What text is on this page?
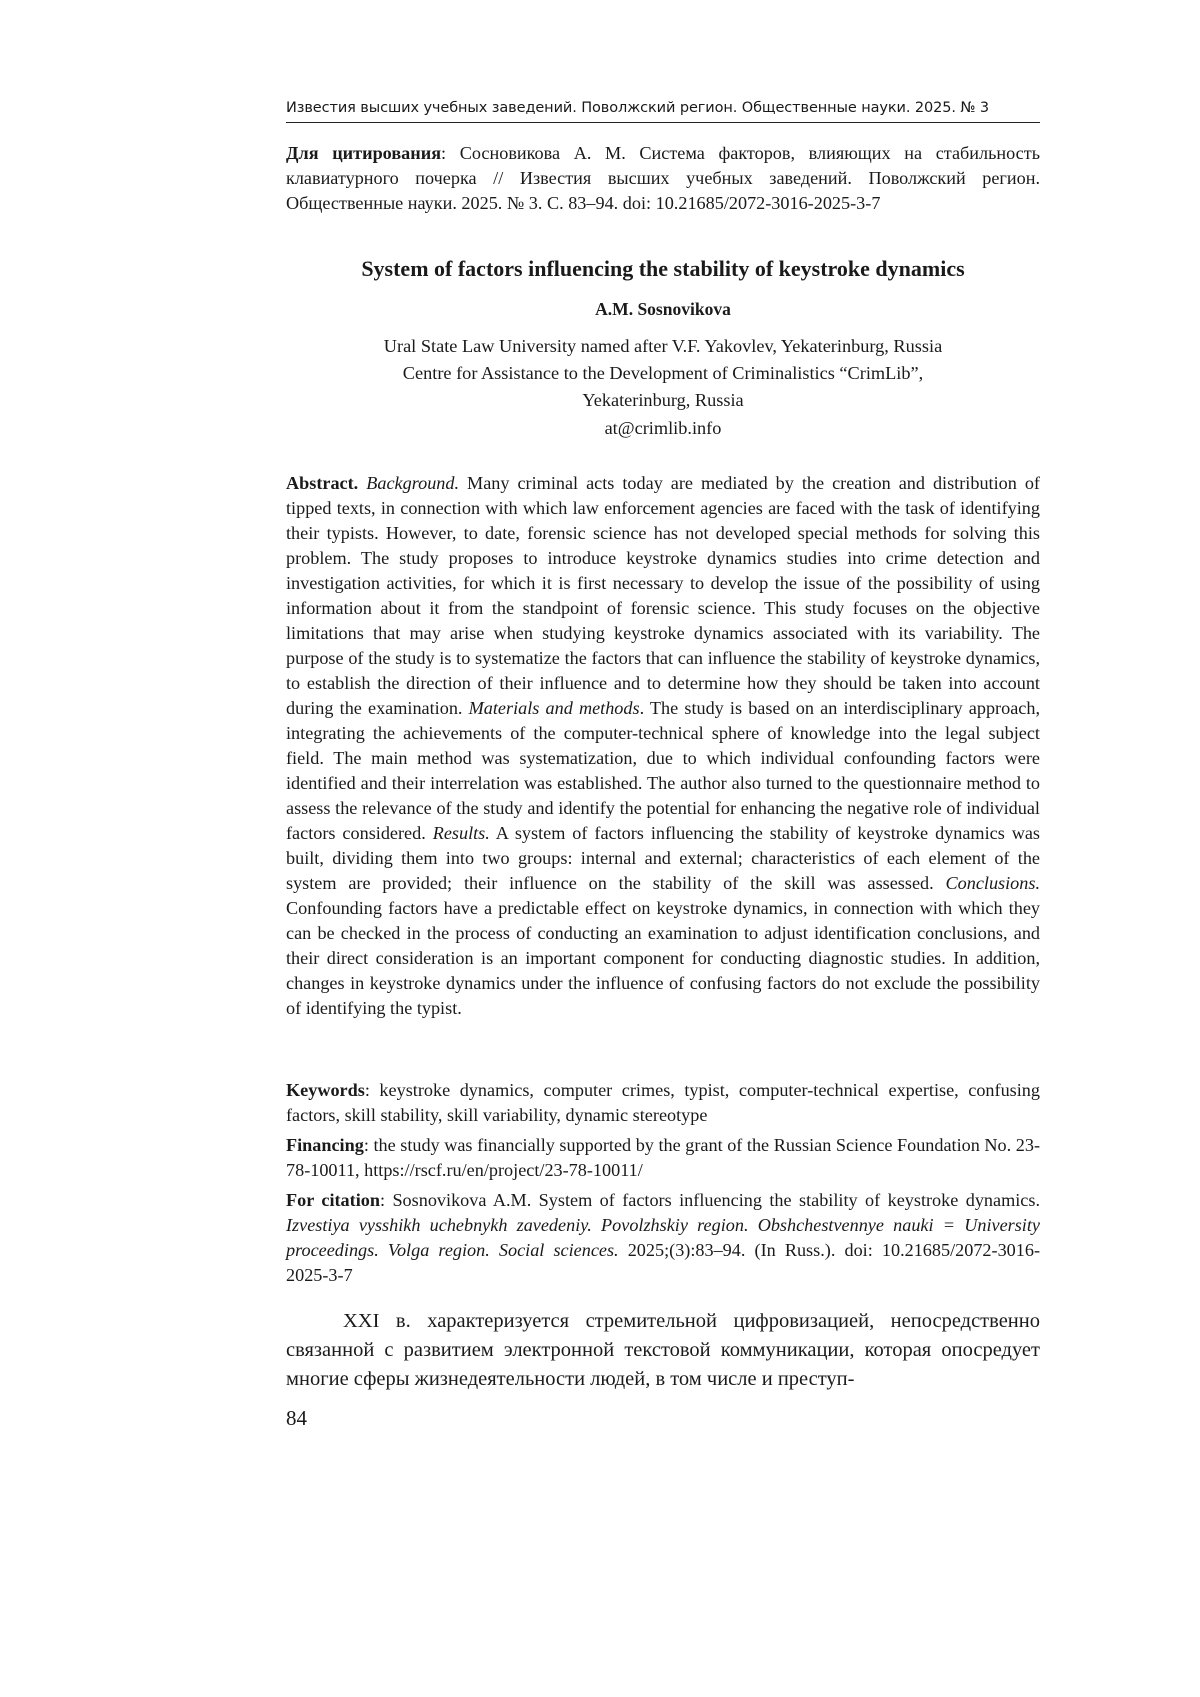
Известия высших учебных заведений. Поволжский регион. Общественные науки. 2025. № 3
Для цитирования: Сосновикова А. М. Система факторов, влияющих на стабильность клавиатурного почерка // Известия высших учебных заведений. Поволжский регион. Общественные науки. 2025. № 3. С. 83–94. doi: 10.21685/2072-3016-2025-3-7
System of factors influencing the stability of keystroke dynamics
A.M. Sosnovikova
Ural State Law University named after V.F. Yakovlev, Yekaterinburg, Russia
Centre for Assistance to the Development of Criminalistics “CrimLib”,
Yekaterinburg, Russia
at@crimlib.info
Abstract. Background. Many criminal acts today are mediated by the creation and distribution of tipped texts, in connection with which law enforcement agencies are faced with the task of identifying their typists. However, to date, forensic science has not developed special methods for solving this problem. The study proposes to introduce keystroke dynamics studies into crime detection and investigation activities, for which it is first necessary to develop the issue of the possibility of using information about it from the standpoint of forensic science. This study focuses on the objective limitations that may arise when studying keystroke dynamics associated with its variability. The purpose of the study is to systematize the factors that can influence the stability of keystroke dynamics, to establish the direction of their influence and to determine how they should be taken into account during the examination. Materials and methods. The study is based on an interdisciplinary approach, integrating the achievements of the computer-technical sphere of knowledge into the legal subject field. The main method was systematization, due to which individual confounding factors were identified and their interrelation was established. The author also turned to the questionnaire method to assess the relevance of the study and identify the potential for enhancing the negative role of individual factors considered. Results. A system of factors influencing the stability of keystroke dynamics was built, dividing them into two groups: internal and external; characteristics of each element of the system are provided; their influence on the stability of the skill was assessed. Conclusions. Confounding factors have a predictable effect on keystroke dynamics, in connection with which they can be checked in the process of conducting an examination to adjust identification conclusions, and their direct consideration is an important component for conducting diagnostic studies. In addition, changes in keystroke dynamics under the influence of confusing factors do not exclude the possibility of identifying the typist.
Keywords: keystroke dynamics, computer crimes, typist, computer-technical expertise, confusing factors, skill stability, skill variability, dynamic stereotype
Financing: the study was financially supported by the grant of the Russian Science Foundation No. 23-78-10011, https://rscf.ru/en/project/23-78-10011/
For citation: Sosnovikova A.M. System of factors influencing the stability of keystroke dynamics. Izvestiya vysshikh uchebnykh zavedeniy. Povolzhskiy region. Obshchestvennye nauki = University proceedings. Volga region. Social sciences. 2025;(3):83–94. (In Russ.). doi: 10.21685/2072-3016-2025-3-7
XXI в. характеризуется стремительной цифровизацией, непосредственно связанной с развитием электронной текстовой коммуникации, которая опосредует многие сферы жизнедеятельности людей, в том числе и преступ-
84
